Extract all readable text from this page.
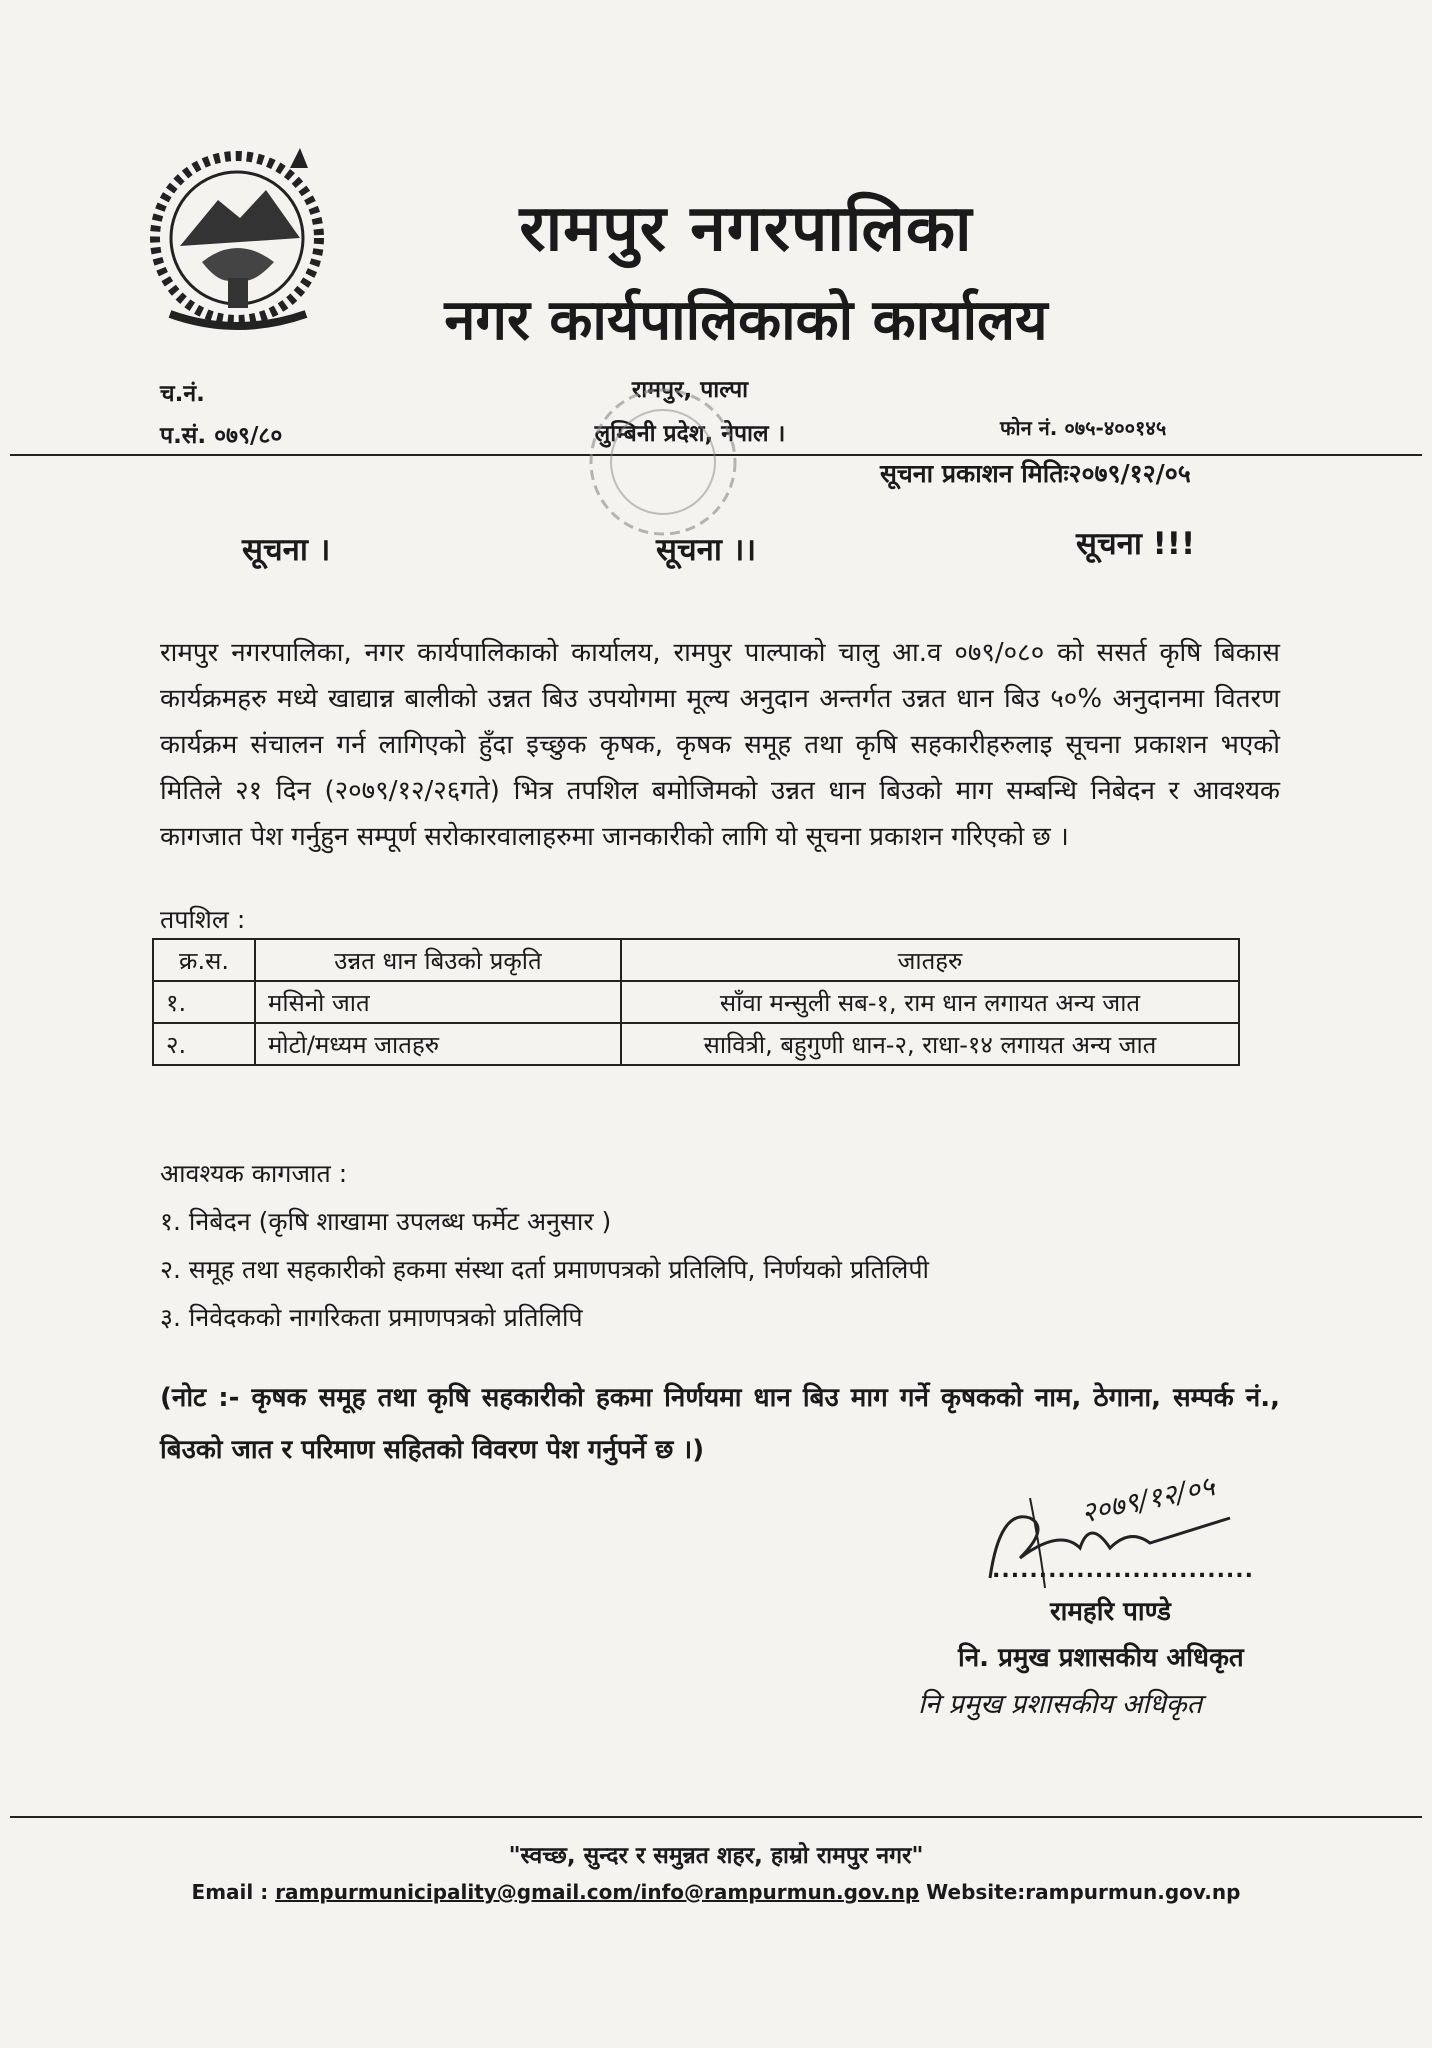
रामपुर नगरपालिका
नगर कार्यपालिकाको कार्यालय
च.नं.
प.सं. ०७९/८०
रामपुर, पाल्पा
लुम्बिनी प्रदेश, नेपाल ।	फोन नं. ०७५-४००१४५
सूचना प्रकाशन मितिः२०७९/१२/०५
सूचना ।	सूचना ।।	सूचना !!!
रामपुर नगरपालिका, नगर कार्यपालिकाको कार्यालय, रामपुर पाल्पाको चालु आ.व ०७९/०८० को ससर्त कृषि बिकास कार्यक्रमहरु मध्ये खाद्यान्न बालीको उन्नत बिउ उपयोगमा मूल्य अनुदान अन्तर्गत उन्नत धान बिउ ५०% अनुदानमा वितरण कार्यक्रम संचालन गर्न लागिएको हुँदा इच्छुक कृषक, कृषक समूह तथा कृषि सहकारीहरुलाइ सूचना प्रकाशन भएको मितिले २१ दिन (२०७९/१२/२६गते) भित्र तपशिल बमोजिमको उन्नत धान बिउको माग सम्बन्धि निबेदन र आवश्यक कागजात पेश गर्नुहुन सम्पूर्ण सरोकारवालाहरुमा जानकारीको लागि यो सूचना प्रकाशन गरिएको छ ।
तपशिल :
क्र.स.	उन्नत धान बिउको प्रकृति	जातहरु
१.	मसिनो जात	साँवा मन्सुली सब-१, राम धान लगायत अन्य जात
२.	मोटो/मध्यम जातहरु	सावित्री, बहुगुणी धान-२, राधा-१४ लगायत अन्य जात
आवश्यक कागजात :
१. निबेदन (कृषि शाखामा उपलब्ध फर्मेट अनुसार )
२. समूह तथा सहकारीको हकमा संस्था दर्ता प्रमाणपत्रको प्रतिलिपि, निर्णयको प्रतिलिपी
३. निवेदकको नागरिकता प्रमाणपत्रको प्रतिलिपि
(नोट :- कृषक समूह तथा कृषि सहकारीको हकमा निर्णयमा धान बिउ माग गर्ने कृषकको नाम, ठेगाना, सम्पर्क नं., बिउको जात र परिमाण सहितको विवरण पेश गर्नुपर्ने छ ।)
२०७९/१२/०५
............................
रामहरि पाण्डे
नि. प्रमुख प्रशासकीय अधिकृत
नि प्रमुख प्रशासकीय अधिकृत
"स्वच्छ, सुन्दर र समुन्नत शहर, हाम्रो रामपुर नगर"
Email : rampurmunicipality@gmail.com/info@rampurmun.gov.np Website:rampurmun.gov.np
